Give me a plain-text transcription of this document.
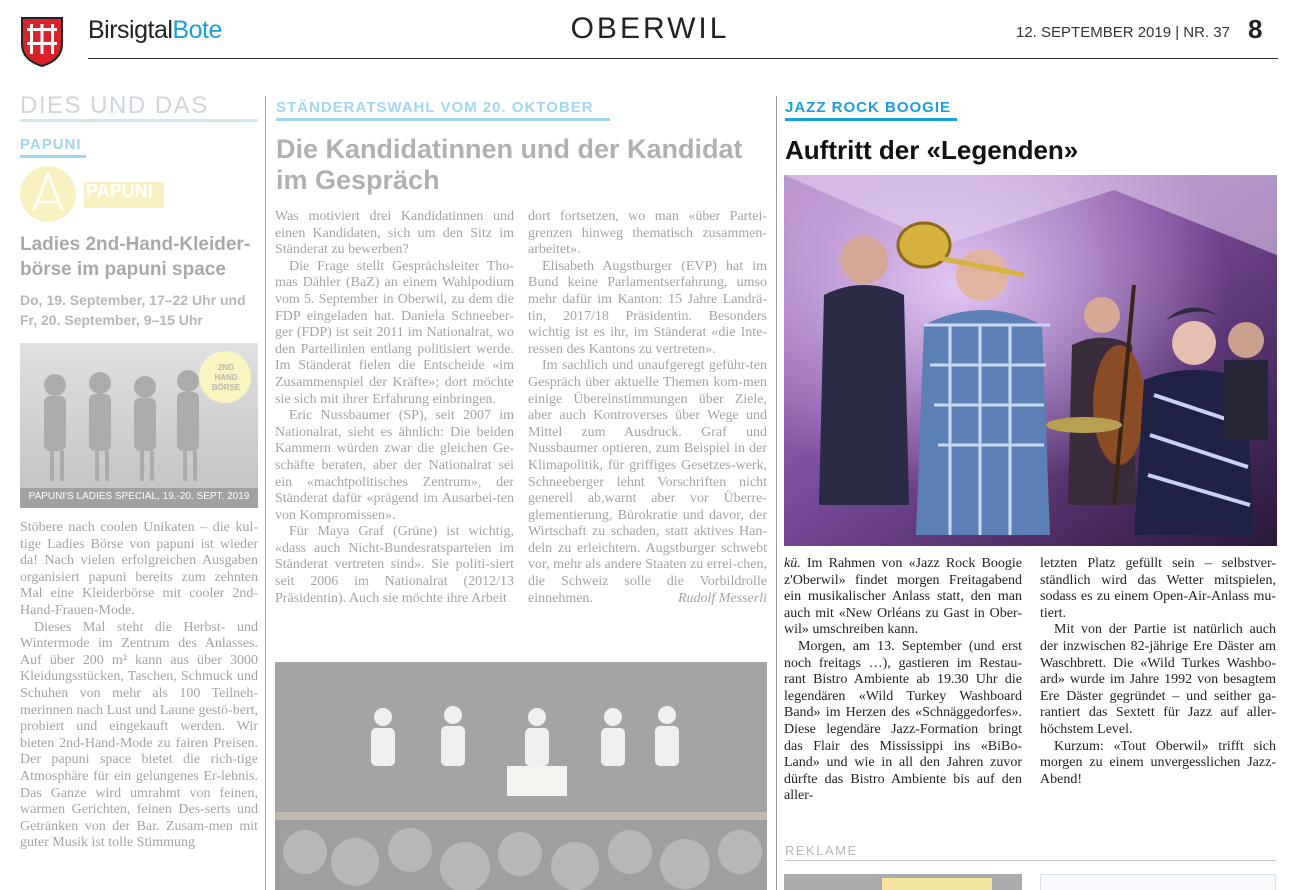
BirsigtalBote	OBERWIL	12. SEPTEMBER 2019 | NR. 37 8
DIES UND DAS
PAPUNI
PAPUNI
Ladies 2nd-Hand-Kleider-börse im papuni space
Do, 19. September, 17–22 Uhr und Fr, 20. September, 9–15 Uhr
2ND HAND BÖRSE
PAPUNI'S LADIES SPECIAL, 19.-20. SEPT. 2019

Stöbere nach coolen Unikaten – die kul-tige Ladies Börse von papuni ist wieder da! Nach vielen erfolgreichen Ausgaben organisiert papuni bereits zum zehnten Mal eine Kleiderbörse mit cooler 2nd-Hand-Frauen-Mode.

Dieses Mal steht die Herbst- und Wintermode im Zentrum des Anlasses. Auf über 200 m² kann aus über 3000 Kleidungsstücken, Taschen, Schmuck und Schuhen von mehr als 100 Teilneh-merinnen nach Lust und Laune gestö-bert, probiert und eingekauft werden. Wir bieten 2nd-Hand-Mode zu fairen Preisen. Der papuni space bietet die rich-tige Atmosphäre für ein gelungenes Er-lebnis. Das Ganze wird umrahmt von feinen, warmen Gerichten, feinen Des-serts und Getränken von der Bar. Zusam-men mit guter Musik ist tolle Stimmung

STÄNDERATSWAHL VOM 20. OKTOBER
Die Kandidatinnen und der Kandidat im Gespräch

Was motiviert drei Kandidatinnen und einen Kandidaten, sich um den Sitz im Ständerat zu bewerben?

Die Frage stellt Gesprächsleiter Tho-mas Dähler (BaZ) an einem Wahlpodium vom 5. September in Oberwil, zu dem die FDP eingeladen hat. Daniela Schneeber-ger (FDP) ist seit 2011 im Nationalrat, wo den Parteilinien entlang politisiert werde. Im Ständerat fielen die Entscheide «im Zusammenspiel der Kräfte»; dort möchte sie sich mit ihrer Erfahrung einbringen.

Eric Nussbaumer (SP), seit 2007 im Nationalrat, sieht es ähnlich: Die beiden Kammern würden zwar die gleichen Ge-schäfte beraten, aber der Nationalrat sei ein «machtpolitisches Zentrum», der Ständerat dafür «prägend im Ausarbei-ten von Kompromissen».

Für Maya Graf (Grüne) ist wichtig, «dass auch Nicht-Bundesratsparteien im Ständerat vertreten sind». Sie politi-siert seit 2006 im Nationalrat (2012/13 Präsidentin). Auch sie möchte ihre Arbeit

dort fortsetzen, wo man «über Partei-grenzen hinweg thematisch zusammen-arbeitet».

Elisabeth Augstburger (EVP) hat im Bund keine Parlamentserfahrung, umso mehr dafür im Kanton: 15 Jahre Landrä-tin, 2017/18 Präsidentin. Besonders wichtig ist es ihr, im Ständerat «die Inte-ressen des Kantons zu vertreten».

Im sachlich und unaufgeregt geführ-ten Gespräch über aktuelle Themen kom-men einige Übereinstimmungen über Ziele, aber auch Kontroverses über Wege und Mittel zum Ausdruck. Graf und Nussbaumer optieren, zum Beispiel in der Klimapolitik, für griffiges Gesetzes-werk, Schneeberger lehnt Vorschriften nicht generell ab,warnt aber vor Überre-glementierung, Bürokratie und davor, der Wirtschaft zu schaden, statt aktives Han-deln zu erleichtern. Augstburger schwebt vor, mehr als andere Staaten zu errei-chen, die Schweiz solle die Vorbildrolle einnehmen.	Rudolf Messerli
JAZZ ROCK BOOGIE
Auftritt der «Legenden»

kü. Im Rahmen von «Jazz Rock Boogie z'Oberwil» findet morgen Freitagabend ein musikalischer Anlass statt, den man auch mit «New Orléans zu Gast in Ober-wil» umschreiben kann.

Morgen, am 13. September (und erst noch freitags …), gastieren im Restau-rant Bistro Ambiente ab 19.30 Uhr die legendären «Wild Turkey Washboard Band» im Herzen des «Schnäggedorfes». Diese legendäre Jazz-Formation bringt das Flair des Mississippi ins «BiBo-Land» und wie in all den Jahren zuvor dürfte das Bistro Ambiente bis auf den aller-

letzten Platz gefüllt sein – selbstver-ständlich wird das Wetter mitspielen, sodass es zu einem Open-Air-Anlass mu-tiert.

Mit von der Partie ist natürlich auch der inzwischen 82-jährige Ere Däster am Waschbrett. Die «Wild Turkes Washbo-ard» wurde im Jahre 1992 von besagtem Ere Däster gegründet – und seither ga-rantiert das Sextett für Jazz auf aller-höchstem Level.

Kurzum: «Tout Oberwil» trifft sich morgen zu einem unvergesslichen Jazz-Abend!

REKLAME
